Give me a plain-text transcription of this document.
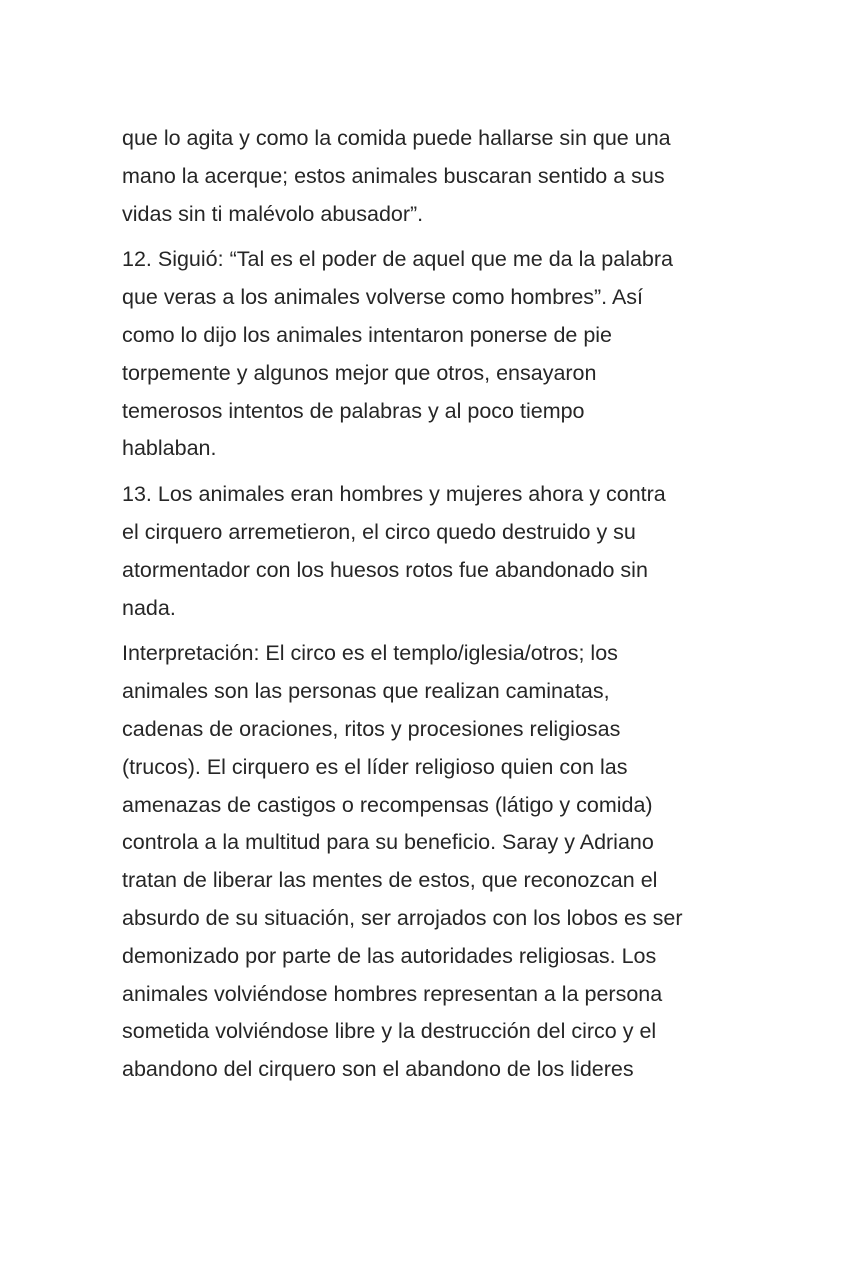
que lo agita y como la comida puede hallarse sin que una
mano la acerque; estos animales buscaran sentido a sus
vidas sin ti malévolo abusador”.

12. Siguió: “Tal es el poder de aquel que me da la palabra
que veras a los animales volverse como hombres”. Así
como lo dijo los animales intentaron ponerse de pie
torpemente y algunos mejor que otros, ensayaron
temerosos intentos de palabras y al poco tiempo
hablaban.

13. Los animales eran hombres y mujeres ahora y contra
el cirquero arremetieron, el circo quedo destruido y su
atormentador con los huesos rotos fue abandonado sin
nada.

Interpretación: El circo es el templo/iglesia/otros; los
animales son las personas que realizan caminatas,
cadenas de oraciones, ritos y procesiones religiosas
(trucos). El cirquero es el líder religioso quien con las
amenazas de castigos o recompensas (látigo y comida)
controla a la multitud para su beneficio. Saray y Adriano
tratan de liberar las mentes de estos, que reconozcan el
absurdo de su situación, ser arrojados con los lobos es ser
demonizado por parte de las autoridades religiosas. Los
animales volviéndose hombres representan a la persona
sometida volviéndose libre y la destrucción del circo y el
abandono del cirquero son el abandono de los lideres
